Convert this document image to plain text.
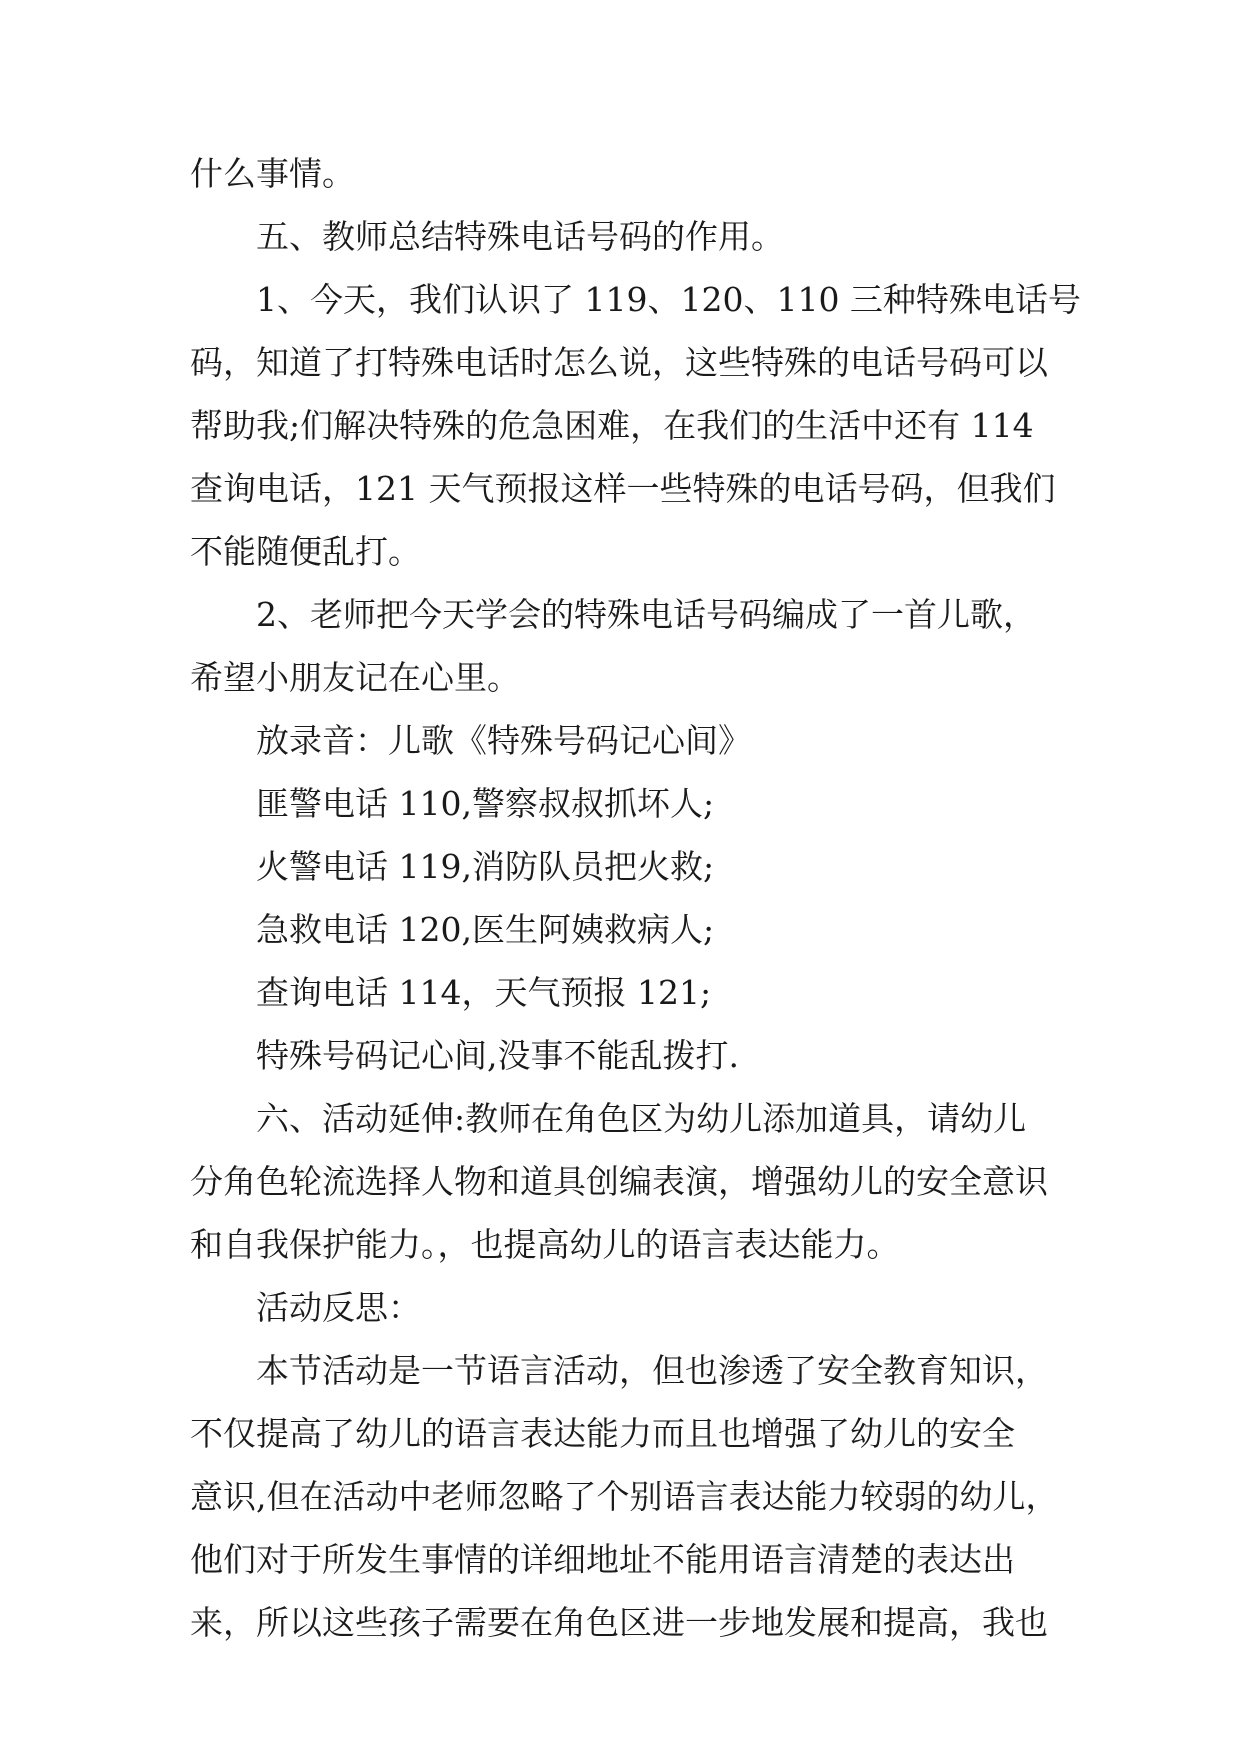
什么事情。
五、教师总结特殊电话号码的作用。
1、今天，我们认识了 119、120、110 三种特殊电话号
码，知道了打特殊电话时怎么说，这些特殊的电话号码可以
帮助我;们解决特殊的危急困难，在我们的生活中还有 114
查询电话，121 天气预报这样一些特殊的电话号码，但我们
不能随便乱打。
2、老师把今天学会的特殊电话号码编成了一首儿歌，
希望小朋友记在心里。
放录音：儿歌《特殊号码记心间》
匪警电话 110,警察叔叔抓坏人;
火警电话 119,消防队员把火救;
急救电话 120,医生阿姨救病人;
查询电话 114，天气预报 121;
特殊号码记心间,没事不能乱拨打.
六、活动延伸:教师在角色区为幼儿添加道具，请幼儿
分角色轮流选择人物和道具创编表演，增强幼儿的安全意识
和自我保护能力。，也提高幼儿的语言表达能力。
活动反思：
本节活动是一节语言活动，但也渗透了安全教育知识，
不仅提高了幼儿的语言表达能力而且也增强了幼儿的安全
意识,但在活动中老师忽略了个别语言表达能力较弱的幼儿，
他们对于所发生事情的详细地址不能用语言清楚的表达出
来，所以这些孩子需要在角色区进一步地发展和提高，我也
